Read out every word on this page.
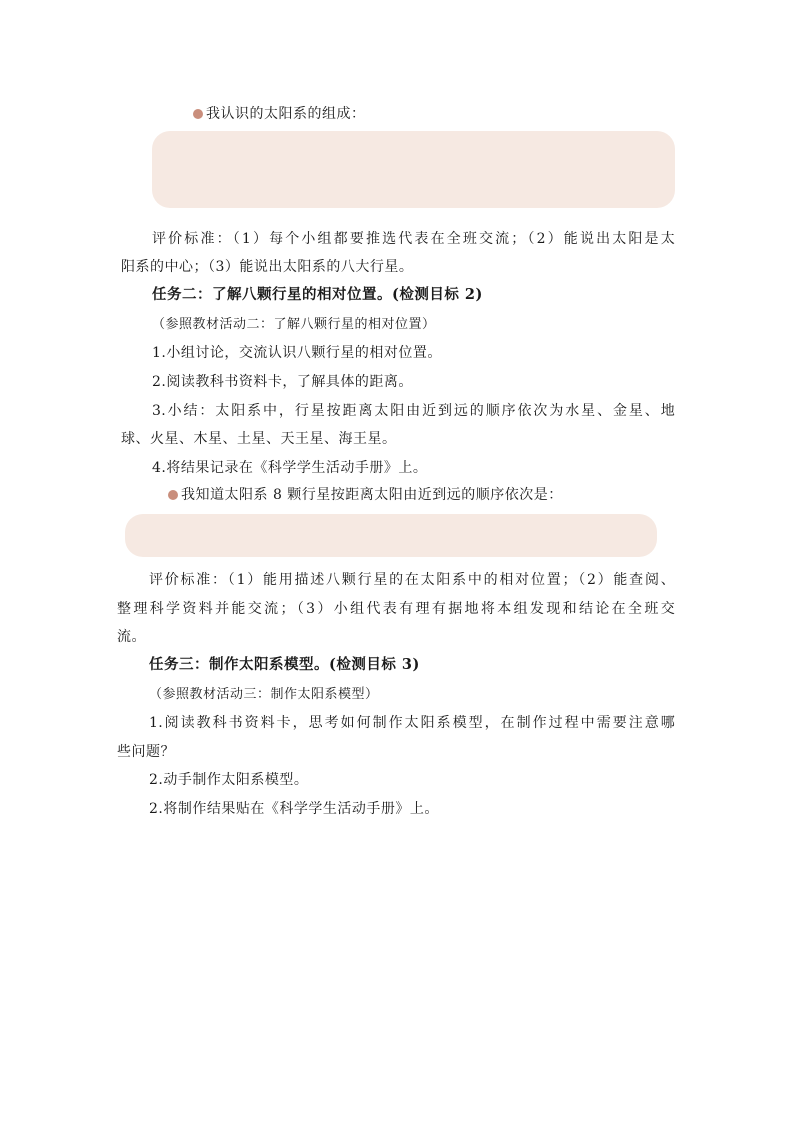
我认识的太阳系的组成：
评价标准：（1）每个小组都要推选代表在全班交流；（2）能说出太阳是太
阳系的中心；（3）能说出太阳系的八大行星。
任务二：了解八颗行星的相对位置。(检测目标 2)
（参照教材活动二：了解八颗行星的相对位置）
1.小组讨论，交流认识八颗行星的相对位置。
2.阅读教科书资料卡，了解具体的距离。
3.小结：太阳系中，行星按距离太阳由近到远的顺序依次为水星、金星、地
球、火星、木星、土星、天王星、海王星。
4.将结果记录在《科学学生活动手册》上。
我知道太阳系 8 颗行星按距离太阳由近到远的顺序依次是：
评价标准：（1）能用描述八颗行星的在太阳系中的相对位置；（2）能查阅、
整理科学资料并能交流；（3）小组代表有理有据地将本组发现和结论在全班交
流。
任务三：制作太阳系模型。(检测目标 3)
（参照教材活动三：制作太阳系模型）
1.阅读教科书资料卡，思考如何制作太阳系模型，在制作过程中需要注意哪
些问题？
2.动手制作太阳系模型。
2.将制作结果贴在《科学学生活动手册》上。
